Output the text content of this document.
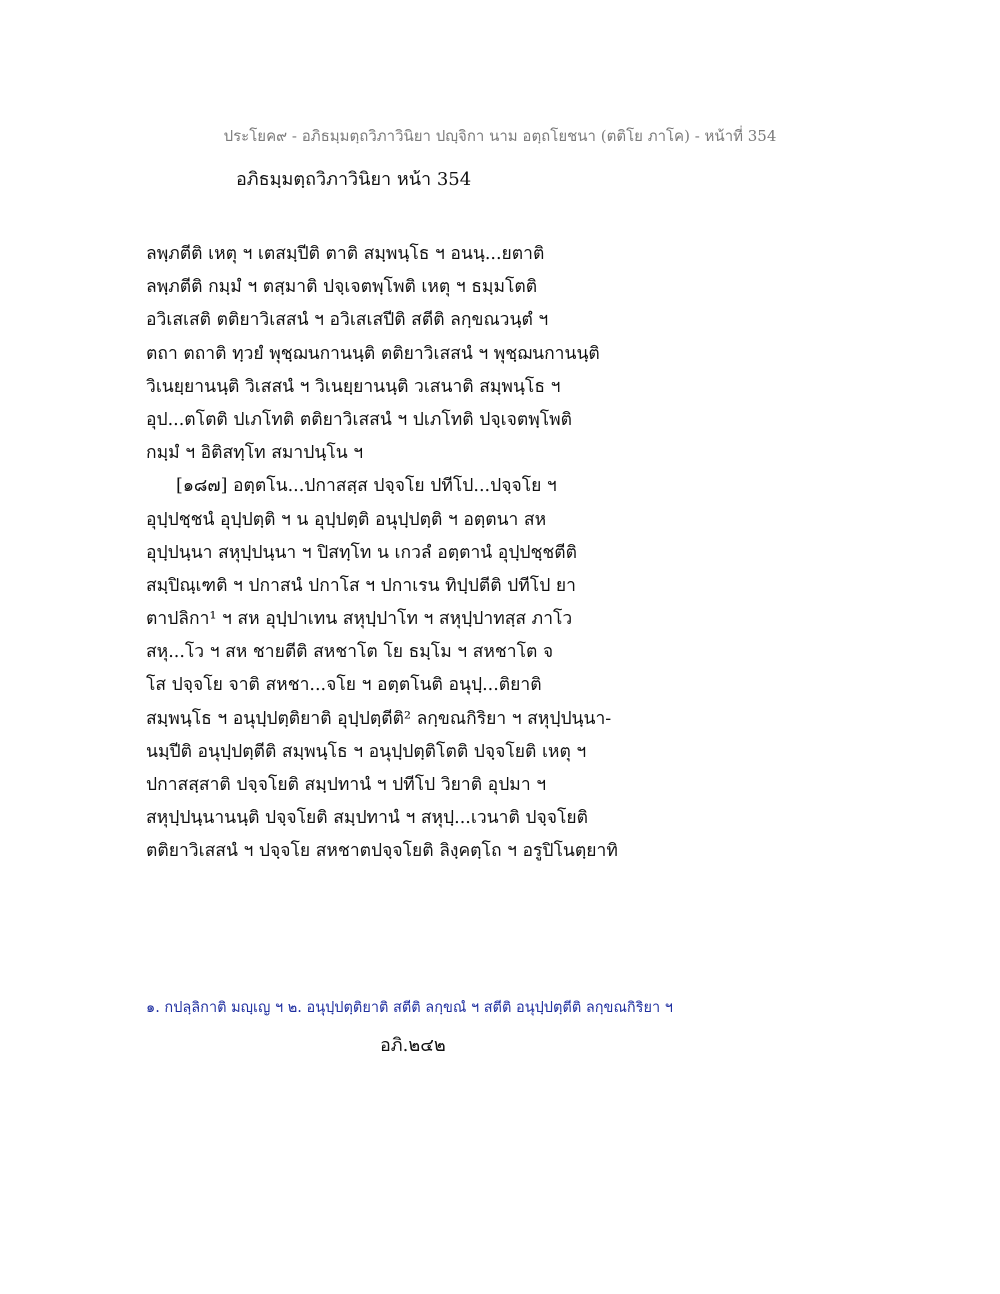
ประโยค๙ - อภิธมฺมตฺถวิภาวินิยา ปญฺจิกา นาม อตฺถโยชนา (ตติโย ภาโค) - หน้าที่ 354
อภิธมฺมตฺถวิภาวินิยา หน้า 354
ลพฺภตีติ เหตุ ฯ เตสมฺปีติ ตาติ สมฺพนฺโธ ฯ อนนฺ...ยตาติ
ลพฺภตีติ กมฺมํ ฯ ตสฺมาติ ปจฺเจตพฺโพติ เหตุ ฯ ธมฺมโตติ
อวิเสเสติ ตติยาวิเสสนํ ฯ อวิเสเสปีติ สตีติ ลกฺขณวนฺตํ ฯ
ตถา ตถาติ ทฺวยํ พุชฺฌนกานนฺติ ตติยาวิเสสนํ ฯ พุชฺฌนกานนฺติ
วิเนยฺยานนฺติ วิเสสนํ ฯ วิเนยฺยานนฺติ วเสนาติ สมฺพนฺโธ ฯ
อุป...ตโตติ ปเภโทติ ตติยาวิเสสนํ ฯ ปเภโทติ ปจฺเจตพฺโพติ
กมฺมํ ฯ อิติสทฺโท สมาปนฺโน ฯ
[๑๘๗] อตฺตโน...ปกาสสฺส ปจฺจโย ปทีโป...ปจฺจโย ฯ
อุปฺปชฺชนํ อุปฺปตฺติ ฯ น อุปฺปตฺติ อนุปฺปตฺติ ฯ อตฺตนา สห
อุปฺปนฺนา สหุปฺปนฺนา ฯ ปิสทฺโท น เกวลํ อตฺตานํ อุปฺปชฺชตีติ
สมฺปิณฺเฑติ ฯ ปกาสนํ ปกาโส ฯ ปกาเรน ทิปฺปตีติ ปทีโป ยา
ตาปลิกา¹ ฯ สห อุปฺปาเทน สหุปฺปาโท ฯ สหุปฺปาทสฺส ภาโว
สหุ...โว ฯ สห ชายตีติ สหชาโต โย ธมฺโม ฯ สหชาโต จ
โส ปจฺจโย จาติ สหชา...จโย ฯ อตฺตโนติ อนุปฺ...ติยาติ
สมฺพนฺโธ ฯ อนุปฺปตฺติยาติ อุปฺปตฺตีติ² ลกฺขณกิริยา ฯ สหุปฺปนฺนา-
นมฺปีติ อนุปฺปตฺตีติ สมฺพนฺโธ ฯ อนุปฺปตฺติโตติ ปจฺจโยติ เหตุ ฯ
ปกาสสฺสาติ ปจฺจโยติ สมฺปทานํ ฯ ปทีโป วิยาติ อุปมา ฯ
สหุปฺปนฺนานนฺติ ปจฺจโยติ สมฺปทานํ ฯ สหุปฺ...เวนาติ ปจฺจโยติ
ตติยาวิเสสนํ ฯ ปจฺจโย สหชาตปจฺจโยติ ลิงฺคตฺโถ ฯ อรูปิโนตฺยาทิ
๑. กปลฺลิกาติ มญฺเญ ฯ ๒. อนุปฺปตฺติยาติ สตีติ ลกฺขณํ ฯ สตีติ อนุปฺปตฺตีติ ลกฺขณกิริยา ฯ
อภิ.๒๔๒
